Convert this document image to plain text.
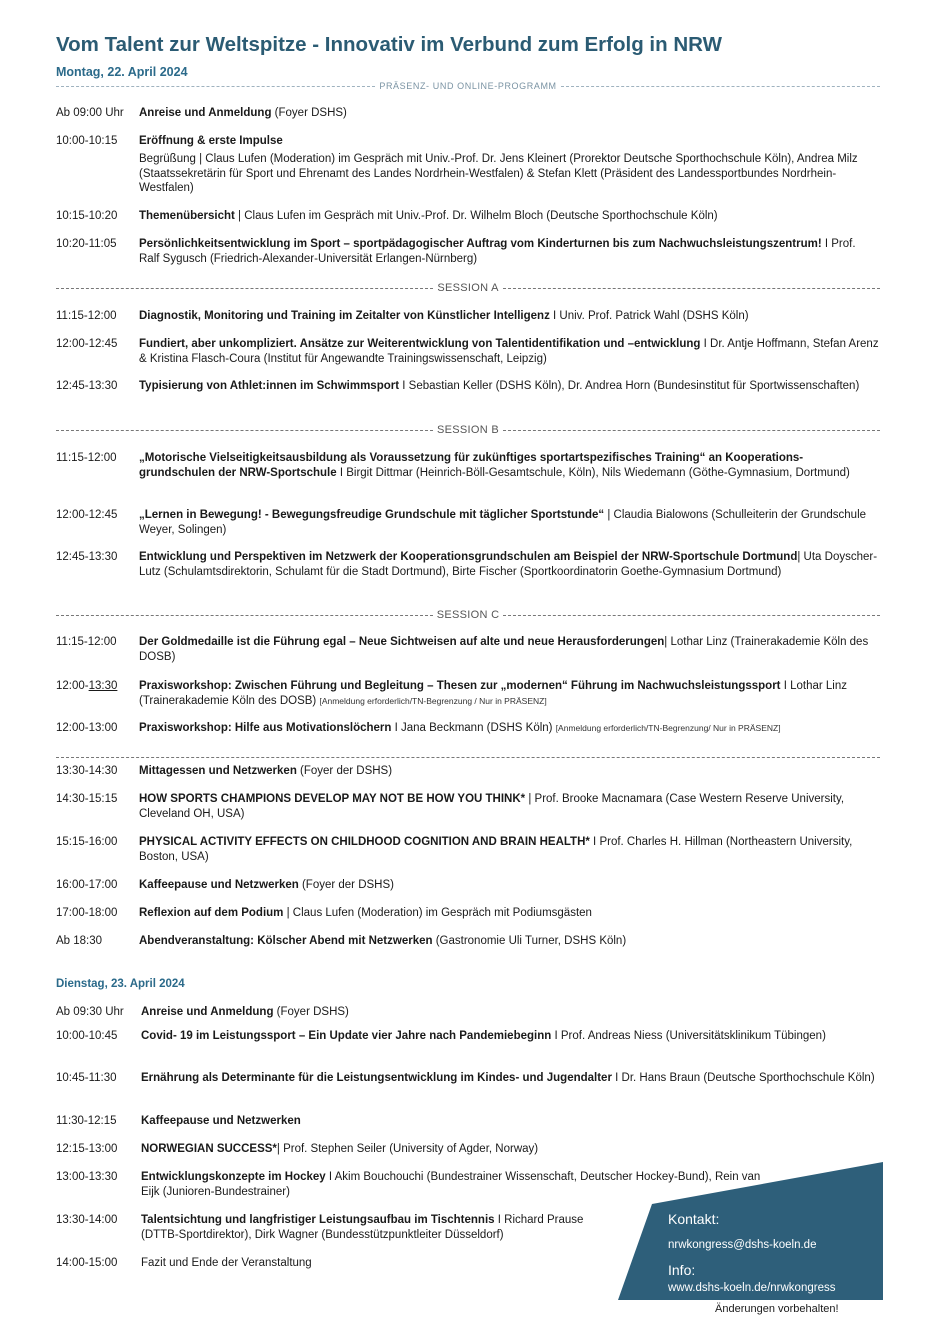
Vom Talent zur Weltspitze - Innovativ im Verbund zum Erfolg in NRW
Montag, 22. April 2024
PRÄSENZ- UND ONLINE-PROGRAMM
Ab 09:00 Uhr	Anreise und Anmeldung (Foyer DSHS)
10:00-10:15	Eröffnung & erste Impulse
Begrüßung | Claus Lufen (Moderation) im Gespräch mit Univ.-Prof. Dr. Jens Kleinert (Prorektor Deutsche Sporthochschule Köln), Andrea Milz (Staatssekretärin für Sport und Ehrenamt des Landes Nordrhein-Westfalen) & Stefan Klett (Präsident des Landessportbundes Nordrhein-Westfalen)
10:15-10:20	Themenübersicht | Claus Lufen im Gespräch mit Univ.-Prof. Dr. Wilhelm Bloch (Deutsche Sporthochschule Köln)
10:20-11:05	Persönlichkeitsentwicklung im Sport – sportpädagogischer Auftrag vom Kinderturnen bis zum Nachwuchsleistungszentrum! I Prof. Ralf Sygusch (Friedrich-Alexander-Universität Erlangen-Nürnberg)
SESSION A
11:15-12:00	Diagnostik, Monitoring und Training im Zeitalter von Künstlicher Intelligenz I Univ. Prof. Patrick Wahl (DSHS Köln)
12:00-12:45	Fundiert, aber unkompliziert. Ansätze zur Weiterentwicklung von Talentidentifikation und –entwicklung I Dr. Antje Hoffmann, Stefan Arenz & Kristina Flasch-Coura (Institut für Angewandte Trainingswissenschaft, Leipzig)
12:45-13:30	Typisierung von Athlet:innen im Schwimmsport I Sebastian Keller (DSHS Köln), Dr. Andrea Horn (Bundesinstitut für Sportwissenschaften)
SESSION B
11:15-12:00	„Motorische Vielseitigkeitsausbildung als Voraussetzung für zukünftiges sportartspezifisches Training“ an Kooperations-grundschulen der NRW-Sportschule I Birgit Dittmar (Heinrich-Böll-Gesamtschule, Köln), Nils Wiedemann (Göthe-Gymnasium, Dortmund)
12:00-12:45	„Lernen in Bewegung! - Bewegungsfreudige Grundschule mit täglicher Sportstunde“ | Claudia Bialowons (Schulleiterin der Grundschule Weyer, Solingen)
12:45-13:30	Entwicklung und Perspektiven im Netzwerk der Kooperationsgrundschulen am Beispiel der NRW-Sportschule Dortmund| Uta Doyscher-Lutz (Schulamtsdirektorin, Schulamt für die Stadt Dortmund), Birte Fischer (Sportkoordinatorin Goethe-Gymnasium Dortmund)
SESSION C
11:15-12:00	Der Goldmedaille ist die Führung egal – Neue Sichtweisen auf alte und neue Herausforderungen| Lothar Linz (Trainerakademie Köln des DOSB)
12:00-13:30	Praxisworkshop: Zwischen Führung und Begleitung – Thesen zur „modernen“ Führung im Nachwuchsleistungssport I Lothar Linz (Trainerakademie Köln des DOSB) [Anmeldung erforderlich/TN-Begrenzung / Nur in PRÄSENZ]
12:00-13:00	Praxisworkshop: Hilfe aus Motivationslöchern I Jana Beckmann (DSHS Köln) [Anmeldung erforderlich/TN-Begrenzung/ Nur in PRÄSENZ]
13:30-14:30	Mittagessen und Netzwerken (Foyer der DSHS)
14:30-15:15	HOW SPORTS CHAMPIONS DEVELOP MAY NOT BE HOW YOU THINK* | Prof. Brooke Macnamara (Case Western Reserve University, Cleveland OH, USA)
15:15-16:00	PHYSICAL ACTIVITY EFFECTS ON CHILDHOOD COGNITION AND BRAIN HEALTH* I Prof. Charles H. Hillman (Northeastern University, Boston, USA)
16:00-17:00	Kaffeepause und Netzwerken (Foyer der DSHS)
17:00-18:00	Reflexion auf dem Podium | Claus Lufen (Moderation) im Gespräch mit Podiumsgästen
Ab 18:30	Abendveranstaltung: Kölscher Abend mit Netzwerken (Gastronomie Uli Turner, DSHS Köln)
Dienstag, 23. April 2024
Ab 09:30 Uhr	Anreise und Anmeldung (Foyer DSHS)
10:00-10:45	Covid- 19 im Leistungssport – Ein Update vier Jahre nach Pandemiebeginn I Prof. Andreas Niess (Universitätsklinikum Tübingen)
10:45-11:30	Ernährung als Determinante für die Leistungsentwicklung im Kindes- und Jugendalter I Dr. Hans Braun (Deutsche Sporthochschule Köln)
11:30-12:15	Kaffeepause und Netzwerken
12:15-13:00	NORWEGIAN SUCCESS*| Prof. Stephen Seiler (University of Agder, Norway)
13:00-13:30	Entwicklungskonzepte im Hockey I Akim Bouchouchi (Bundestrainer Wissenschaft, Deutscher Hockey-Bund), Rein van Eijk (Junioren-Bundestrainer)
13:30-14:00	Talentsichtung und langfristiger Leistungsaufbau im Tischtennis I Richard Prause (DTTB-Sportdirektor), Dirk Wagner (Bundesstützpunktleiter Düsseldorf)
14:00-15:00	Fazit und Ende der Veranstaltung
Kontakt:
nrwkongress@dshs-koeln.de
Info:
www.dshs-koeln.de/nrwkongress
Änderungen vorbehalten!
